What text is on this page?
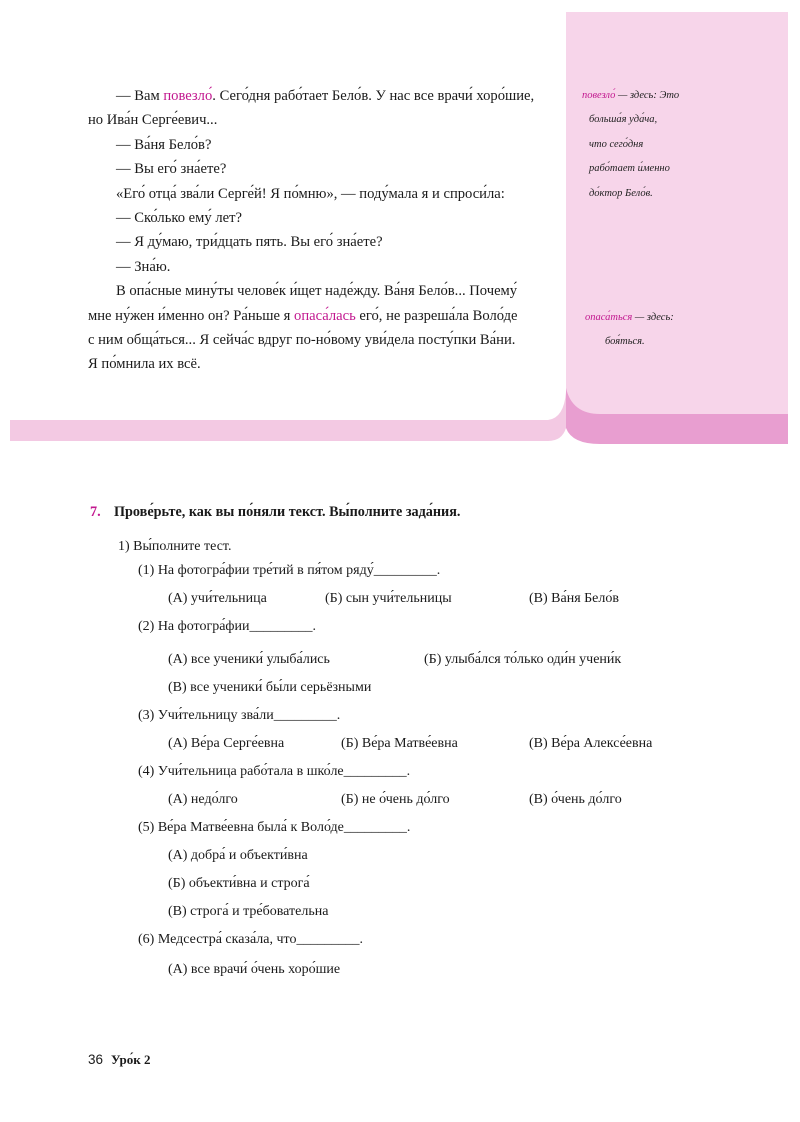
— Вам повезло́. Сего́дня рабо́тает Бело́в. У нас все врачи́ хоро́шие,

но Ива́н Серге́евич...

— Ва́ня Бело́в?

— Вы его́ зна́ете?

«Его́ отца́ зва́ли Серге́й! Я по́мню», — поду́мала я и спроси́ла:

— Ско́лько ему́ лет?

— Я ду́маю, три́дцать пять. Вы его́ зна́ете?

— Зна́ю.

В опа́сные мину́ты челове́к и́щет наде́жду. Ва́ня Бело́в... Почему́

мне ну́жен и́менно он? Ра́ньше я опаса́лась его́, не разреша́ла Воло́де

с ним обща́ться... Я сейча́с вдруг по-но́вому уви́дела посту́пки Ва́ни.

Я по́мнила их всё.

повезло́ — здесь: Это
больша́я уда́ча,
что сего́дня
рабо́тает и́менно
до́ктор Бело́в.
опаса́ться — здесь:
боя́ться.
7. Прове́рьте, как вы по́няли текст. Вы́полните зада́ния.
1) Вы́полните тест.
(1) На фотогра́фии тре́тий в пя́том ряду́_________.
(А) учи́тельница	(Б) сын учи́тельницы	(В) Ва́ня Бело́в
(2) На фотогра́фии_________.
(А) все ученики́ улыба́лись	(Б) улыба́лся то́лько оди́н учени́к
(В) все ученики́ бы́ли серьёзными
(3) Учи́тельницу зва́ли_________.
(А) Ве́ра Серге́евна	(Б) Ве́ра Матве́евна	(В) Ве́ра Алексе́евна
(4) Учи́тельница рабо́тала в шко́ле_________.
(А) недо́лго	(Б) не о́чень до́лго	(В) о́чень до́лго
(5) Ве́ра Матве́евна была́ к Воло́де_________.
(А) добра́ и объекти́вна
(Б) объекти́вна и строга́
(В) строга́ и тре́бовательна
(6) Медсестра́ сказа́ла, что_________.
(А) все врачи́ о́чень хоро́шие
36 Уро́к 2
